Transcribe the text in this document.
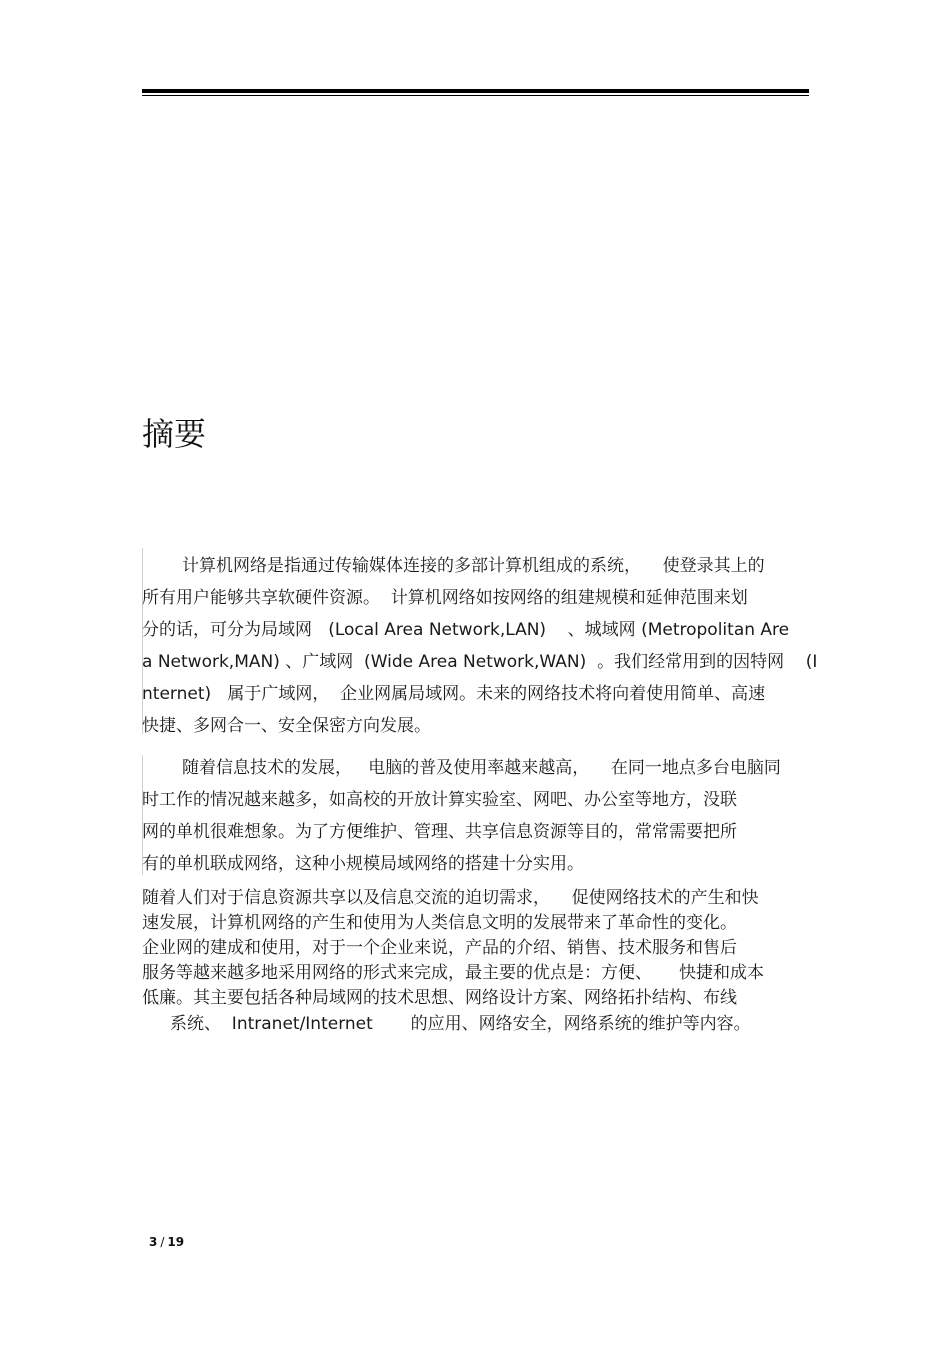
摘要
计算机网络是指通过传输媒体连接的多部计算机组成的系统，    使登录其上的
所有用户能够共享软硬件资源。  计算机网络如按网络的组建规模和延伸范围来划
分的话，可分为局域网   (Local Area Network,LAN)    、城域网 (Metropolitan Are
a Network,MAN) 、广域网  (Wide Area Network,WAN)  。我们经常用到的因特网    (I
nternet)   属于广域网，  企业网属局域网。未来的网络技术将向着使用简单、高速
快捷、多网合一、安全保密方向发展。
随着信息技术的发展，   电脑的普及使用率越来越高，    在同一地点多台电脑同
时工作的情况越来越多，如高校的开放计算实验室、网吧、办公室等地方，没联
网的单机很难想象。为了方便维护、管理、共享信息资源等目的，常常需要把所
有的单机联成网络，这种小规模局域网络的搭建十分实用。
随着人们对于信息资源共享以及信息交流的迫切需求，    促使网络技术的产生和快
速发展，计算机网络的产生和使用为人类信息文明的发展带来了革命性的变化。
企业网的建成和使用，对于一个企业来说，产品的介绍、销售、技术服务和售后
服务等越来越多地采用网络的形式来完成，最主要的优点是：方便、     快捷和成本
低廉。其主要包括各种局域网的技术思想、网络设计方案、网络拓扑结构、布线
系统、  Intranet/Internet       的应用、网络安全，网络系统的维护等内容。
3 / 19
